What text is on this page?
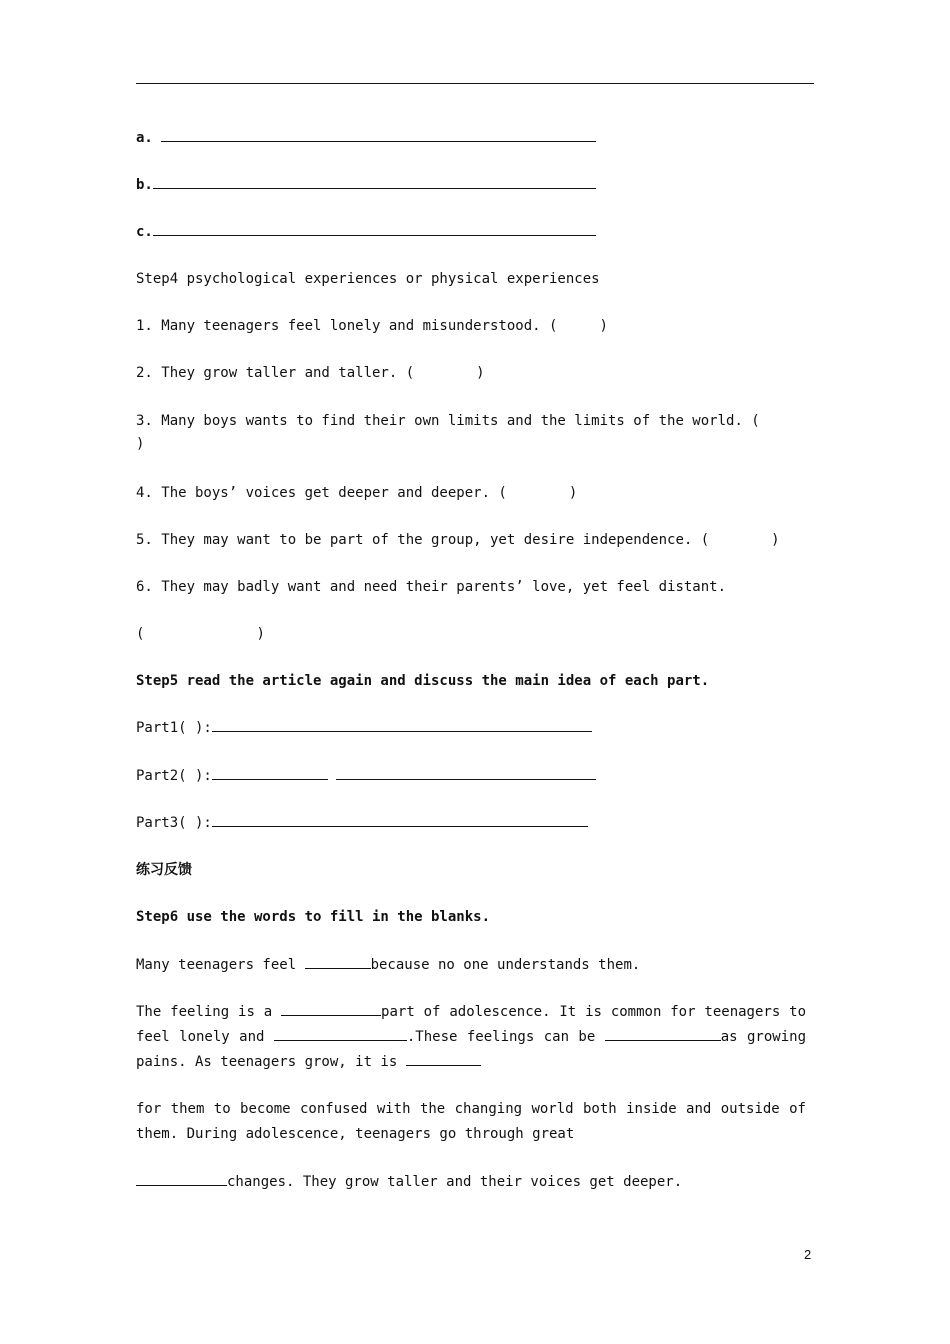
a.
b.
c.
Step4 psychological experiences or physical experiences
1. Many teenagers feel lonely and misunderstood. (	)
2. They grow taller and taller. (	)
3. Many boys wants to find their own limits and the limits of the world. (
)
4. The boys’ voices get deeper and deeper. (	)
5. They may want to be part of the group, yet desire independence. (	)
6. They may badly want and need their parents’ love, yet feel distant.
(	)
Step5 read the article again and discuss the main idea of each part.
Part1( ):
Part2( ):
Part3( ):
练习反馈
Step6 use the words to fill in the blanks.
Many teenagers feel	because no one understands them.
The feeling is a	part of adolescence. It is common for teenagers to feel lonely and	.These feelings can be	as growing pains. As teenagers grow, it is
for them to become confused with the changing world both inside and outside of them. During adolescence, teenagers go through great
changes. They grow taller and their voices get deeper.
2
